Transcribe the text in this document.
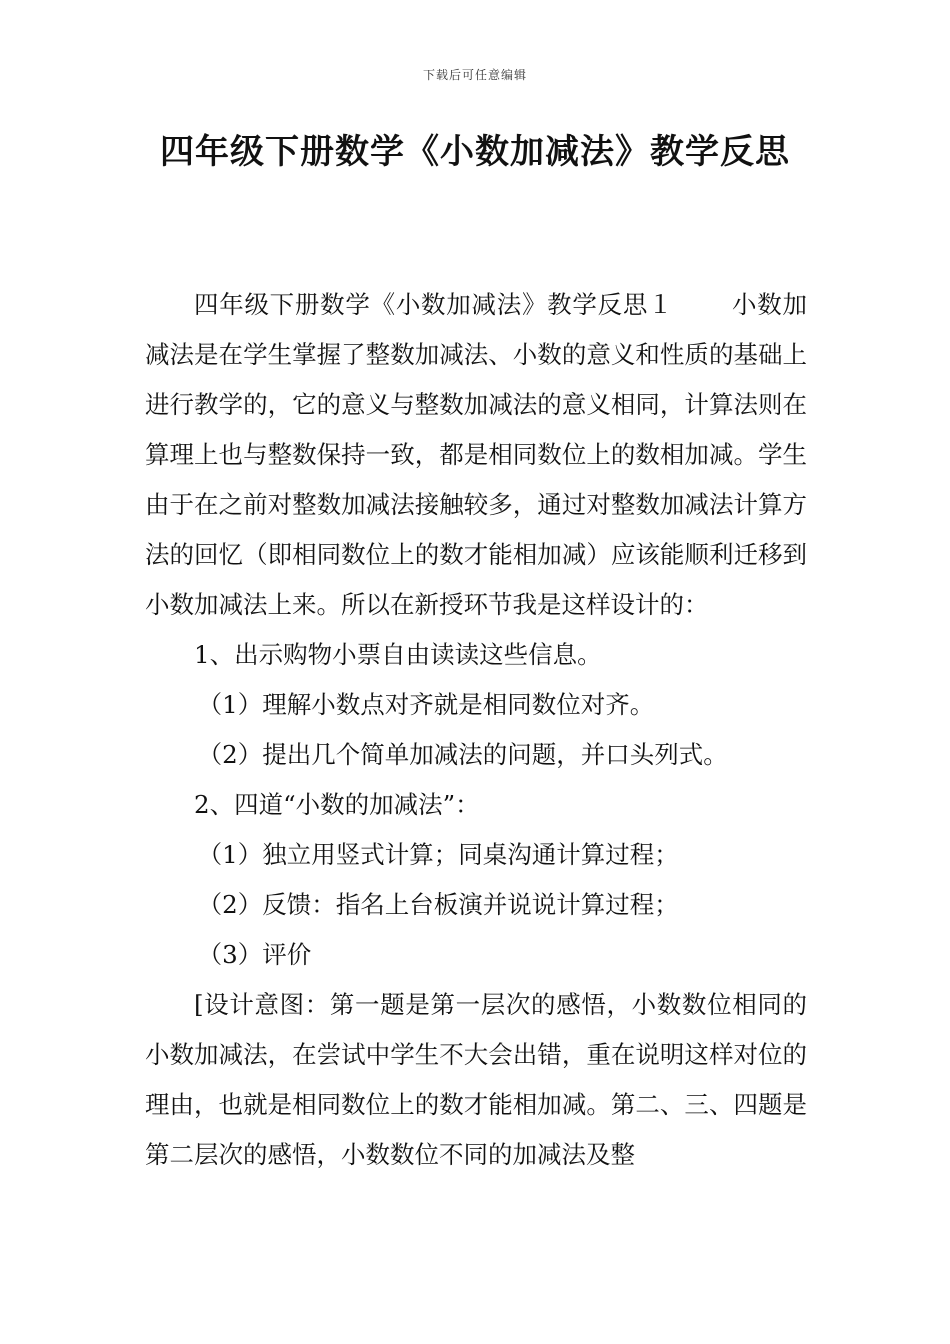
下载后可任意编辑
四年级下册数学《小数加减法》教学反思

四年级下册数学《小数加减法》教学反思１ 小数加减法是在学生掌握了整数加减法、小数的意义和性质的基础上进行教学的，它的意义与整数加减法的意义相同，计算法则在算理上也与整数保持一致，都是相同数位上的数相加减。学生由于在之前对整数加减法接触较多，通过对整数加减法计算方法的回忆（即相同数位上的数才能相加减）应该能顺利迁移到小数加减法上来。所以在新授环节我是这样设计的：

1、出示购物小票自由读读这些信息。

（1）理解小数点对齐就是相同数位对齐。

（2）提出几个简单加减法的问题，并口头列式。

2、四道“小数的加减法”：

（1）独立用竖式计算；同桌沟通计算过程；

（2）反馈：指名上台板演并说说计算过程；

（3）评价

[设计意图：第一题是第一层次的感悟，小数数位相同的小数加减法，在尝试中学生不大会出错，重在说明这样对位的理由，也就是相同数位上的数才能相加减。第二、三、四题是第二层次的感悟，小数数位不同的加减法及整
